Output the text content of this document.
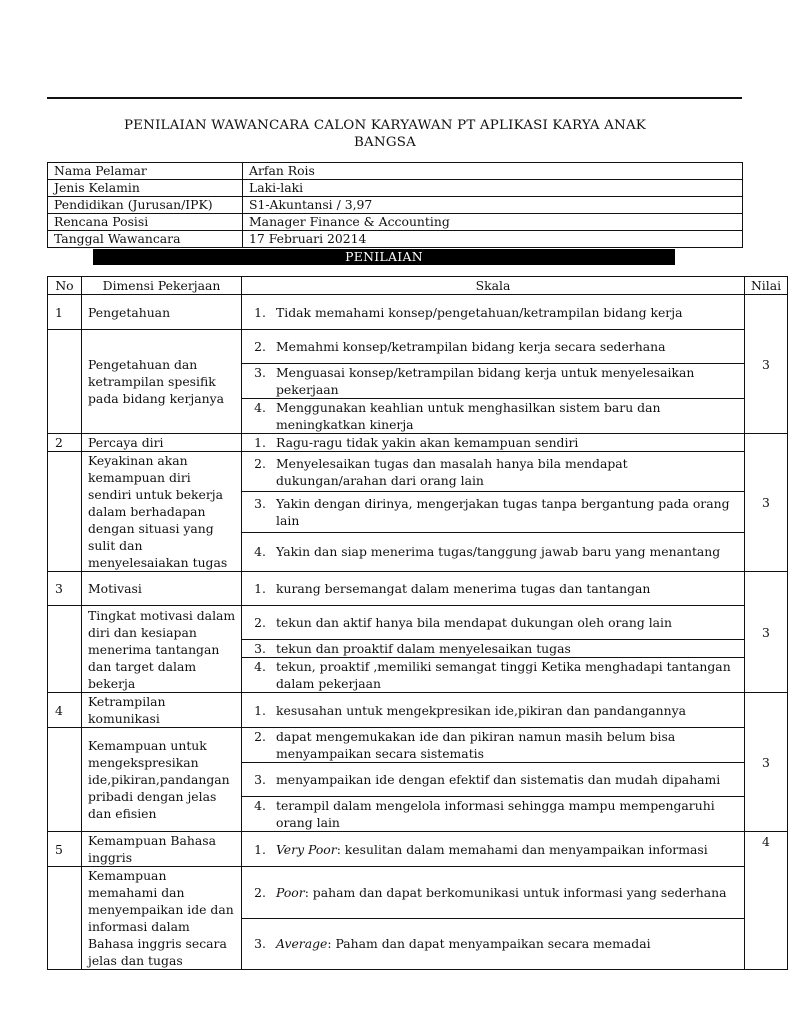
PENILAIAN WAWANCARA CALON KARYAWAN PT APLIKASI KARYA ANAK
BANGSA
Nama Pelamar	Arfan Rois
Jenis Kelamin	Laki-laki
Pendidikan (Jurusan/IPK)	S1-Akuntansi / 3,97
Rencana Posisi	Manager Finance & Accounting
Tanggal Wawancara	17 Februari 20214
PENILAIAN
No	Dimensi Pekerjaan	Skala	Nilai
1	Pengetahuan	1. Tidak memahami konsep/pengetahuan/ketrampilan bidang kerja	3
	Pengetahuan dan ketrampilan spesifik pada bidang kerjanya	2. Memahmi konsep/ketrampilan bidang kerja secara sederhana	

		3. Menguasai konsep/ketrampilan bidang kerja untuk menyelesaikan pekerjaan	

		4. Menggunakan keahlian untuk menghasilkan sistem baru dan meningkatkan kinerja	

2	Percaya diri	1. Ragu-ragu tidak yakin akan kemampuan sendiri	3
	Keyakinan akan kemampuan diri sendiri untuk bekerja dalam berhadapan dengan situasi yang sulit dan menyelesaiakan tugas	2. Menyelesaikan tugas dan masalah hanya bila mendapat dukungan/arahan dari orang lain	

		3. Yakin dengan dirinya, mengerjakan tugas tanpa bergantung pada orang lain	

		4. Yakin dan siap menerima tugas/tanggung jawab baru yang menantang	

3	Motivasi	1. kurang bersemangat dalam menerima tugas dan tantangan	3
	Tingkat motivasi dalam diri dan kesiapan menerima tantangan dan target dalam bekerja	2. tekun dan aktif hanya bila mendapat dukungan oleh orang lain	

		3. tekun dan proaktif dalam menyelesaikan tugas	

		4. tekun, proaktif ,memiliki semangat tinggi Ketika menghadapi tantangan dalam pekerjaan	

4	Ketrampilan komunikasi	1. kesusahan untuk mengekpresikan ide,pikiran dan pandangannya	3
	Kemampuan untuk mengekspresikan ide,pikiran,pandangan pribadi dengan jelas dan efisien	2. dapat mengemukakan ide dan pikiran namun masih belum bisa menyampaikan secara sistematis	

		3. menyampaikan ide dengan efektif dan sistematis dan mudah dipahami	

		4. terampil dalam mengelola informasi sehingga mampu mempengaruhi orang lain	

5	Kemampuan Bahasa inggris	1. Very Poor: kesulitan dalam memahami dan menyampaikan informasi	4
	Kemampuan memahami dan menyempaikan ide dan informasi dalam Bahasa inggris secara jelas dan tugas	2. Poor: paham dan dapat berkomunikasi untuk informasi yang sederhana	

		3. Average: Paham dan dapat menyampaikan secara memadai	
